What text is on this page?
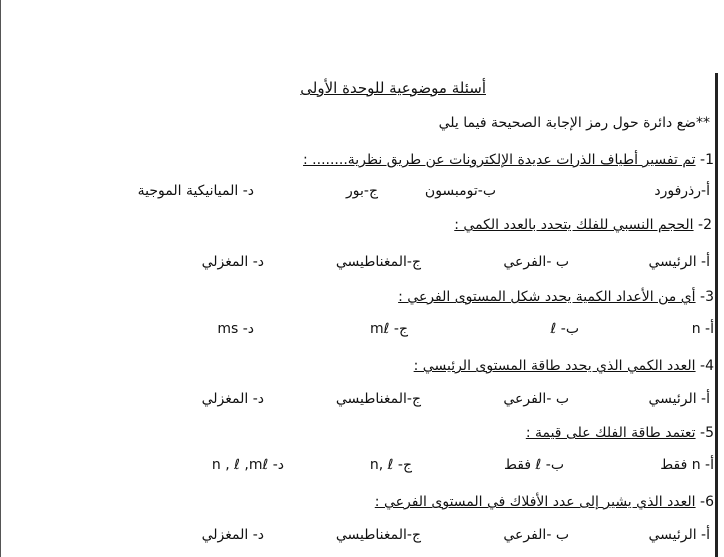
أسئلة موضوعية للوحدة الأولى
**ضع دائرة حول رمز الإجابة الصحيحة فيما يلي
1- تم تفسير أطياف الذرات عديدة الإلكترونات عن طريق نظرية........ :
أ-رذرفورد
ب-تومبسون
ج-بور
د- الميانيكية الموجية
2- الحجم النسبي للفلك يتحدد بالعدد الكمي :
أ- الرئيسي
ب -الفرعي
ج-المغناطيسي
د- المغزلي
3- أي من الأعداد الكمية يحدد شكل المستوى الفرعي :
أ- n
ب- ℓ
ج- mℓ
د- ms
4- العدد الكمي الذي يحدد طاقة المستوى الرئيسي :
أ- الرئيسي
ب -الفرعي
ج-المغناطيسي
د- المغزلي
5- تعتمد طاقة الفلك على قيمة :
أ- n فقط
ب- ℓ فقط
ج- n, ℓ
د- n , ℓ ,mℓ
6- العدد الذي يشير إلى عدد الأفلاك في المستوى الفرعي :
أ- الرئيسي
ب -الفرعي
ج-المغناطيسي
د- المغزلي
